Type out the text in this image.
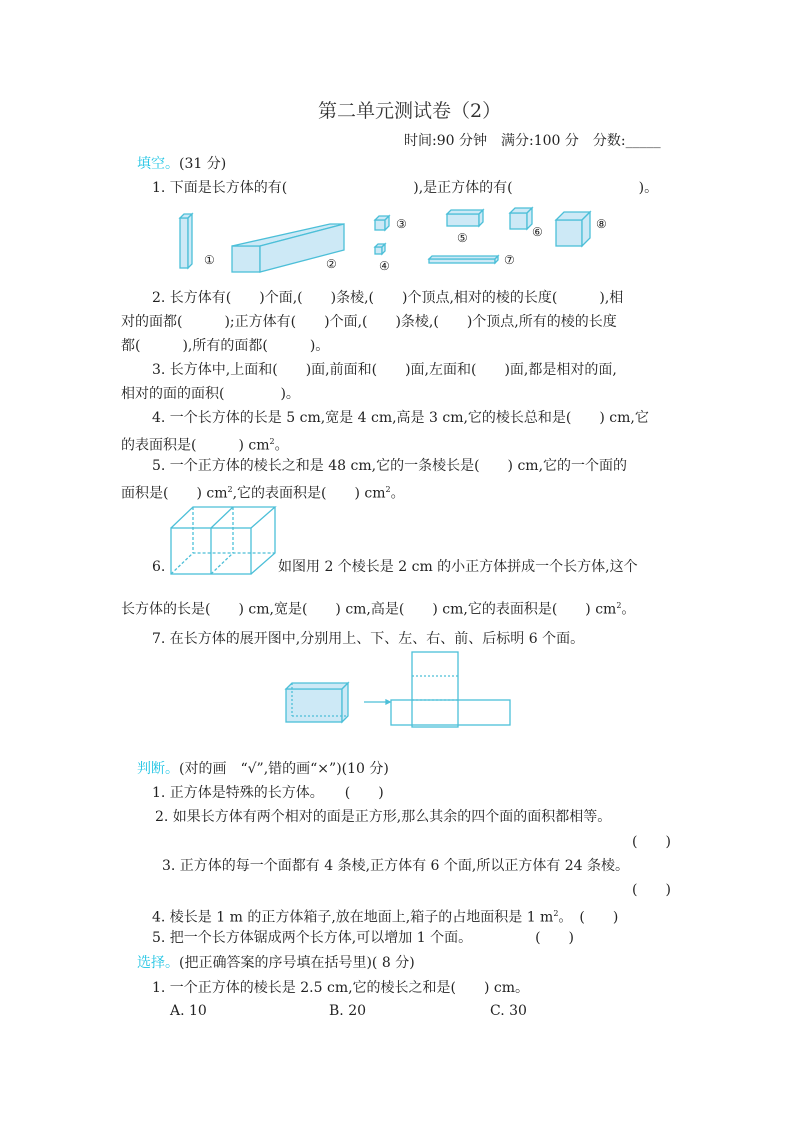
第二单元测试卷（2）
时间:90 分钟　满分:100 分　分数:_____
填空。(31 分)
1. 下面是长方体的有(　　　　　　　　　),是正方体的有(　　　　　　　　　)。
①	②
③
④
⑤	⑥
⑦
⑧
2. 长方体有(　　)个面,(　　)条棱,(　　)个顶点,相对的棱的长度(　　　),相
对的面都(　　　);正方体有(　　)个面,(　　)条棱,(　　)个顶点,所有的棱的长度
都(　　　),所有的面都(　　　)。
3. 长方体中,上面和(　　)面,前面和(　　)面,左面和(　　)面,都是相对的面,
相对的面的面积(　　　　)。
4. 一个长方体的长是 5 cm,宽是 4 cm,高是 3 cm,它的棱长总和是(　　) cm,它
的表面积是(　　　) $cm^2$。
5. 一个正方体的棱长之和是 48 cm,它的一条棱长是(　　) cm,它的一个面的
面积是(　　) $cm^2$,它的表面积是(　　) $cm^2$。
6.	如图用 2 个棱长是 2 cm 的小正方体拼成一个长方体,这个
长方体的长是(　　) cm,宽是(　　) cm,高是(　　) cm,它的表面积是(　　) $cm^2$。
7. 在长方体的展开图中,分别用上、下、左、右、前、后标明 6 个面。
判断。(对的画　“√”,错的画“×”)(10 分)
1. 正方体是特殊的长方体。　　(　　)
2. 如果长方体有两个相对的面是正方形,那么其余的四个面的面积都相等。
(　　)
3. 正方体的每一个面都有 4 条棱,正方体有 6 个面,所以正方体有 24 条棱。
(　　)
4. 棱长是 1 m 的正方体箱子,放在地面上,箱子的占地面积是 1 $m^2$。　(　　)
5. 把一个长方体锯成两个长方体,可以增加 1 个面。　　　　　(　　)
选择。(把正确答案的序号填在括号里)( 8 分)
1. 一个正方体的棱长是 2.5 cm,它的棱长之和是(　　) cm。
A. 10	B. 20	C. 30
